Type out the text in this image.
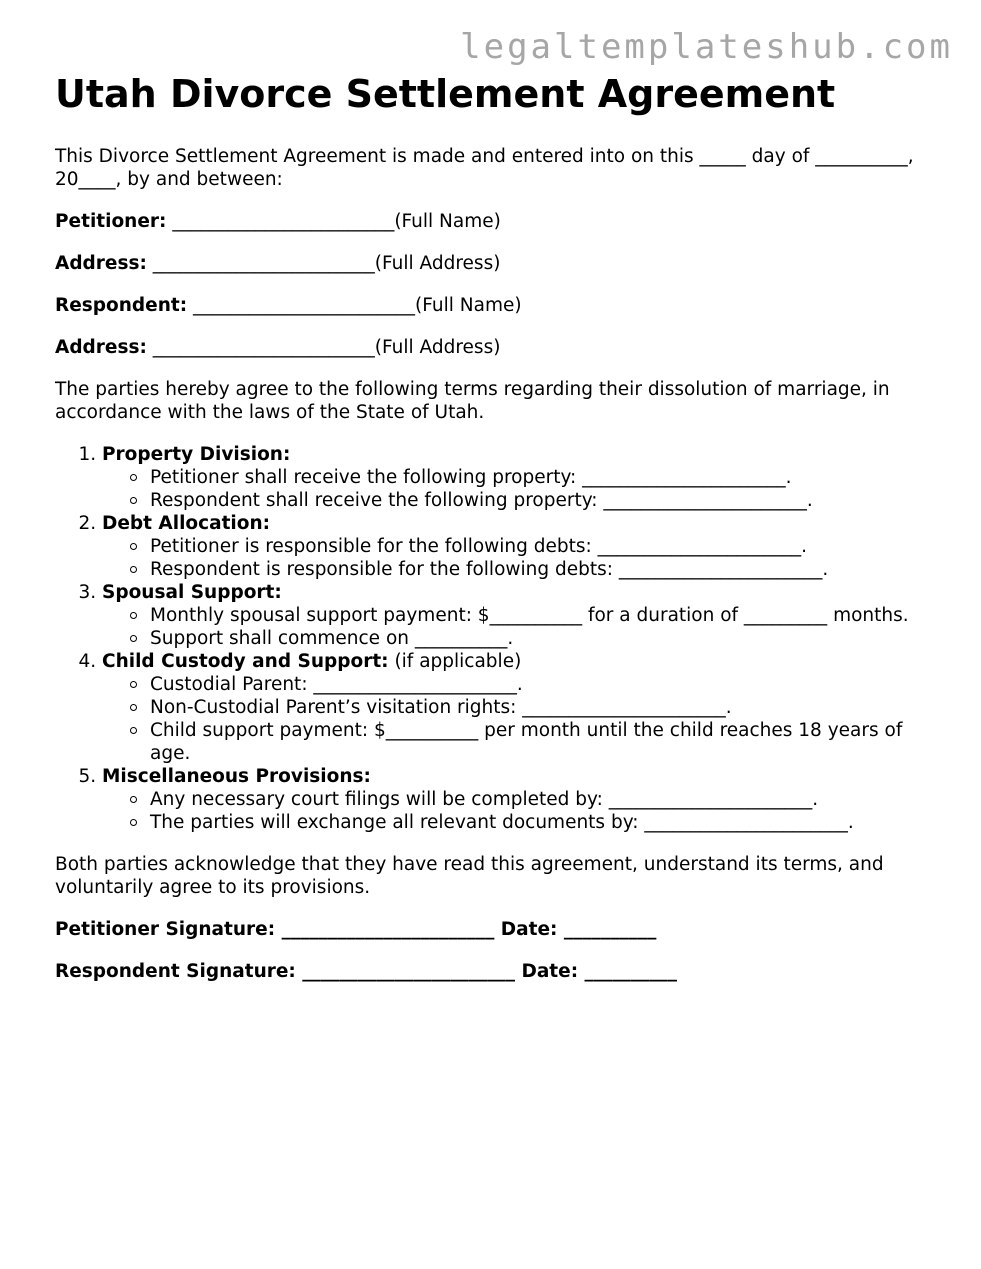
legaltemplateshub.com
Utah Divorce Settlement Agreement

This Divorce Settlement Agreement is made and entered into on this _____ day of __________, 20____, by and between:

Petitioner: ________________________(Full Name)
Address: ________________________(Full Address)
Respondent: ________________________(Full Name)
Address: ________________________(Full Address)

The parties hereby agree to the following terms regarding their dissolution of marriage, in accordance with the laws of the State of Utah.

1. Property Division:
Petitioner shall receive the following property: ______________________.
Respondent shall receive the following property: ______________________.
2. Debt Allocation:
Petitioner is responsible for the following debts: ______________________.
Respondent is responsible for the following debts: ______________________.
3. Spousal Support:
Monthly spousal support payment: $__________ for a duration of _________ months.
Support shall commence on __________.
4. Child Custody and Support: (if applicable)
Custodial Parent: ______________________.
Non-Custodial Parent’s visitation rights: ______________________.
Child support payment: $__________ per month until the child reaches 18 years of age.
5. Miscellaneous Provisions:
Any necessary court filings will be completed by: ______________________.
The parties will exchange all relevant documents by: ______________________.

Both parties acknowledge that they have read this agreement, understand its terms, and voluntarily agree to its provisions.

Petitioner Signature: _______________________ Date: __________
Respondent Signature: _______________________ Date: __________
